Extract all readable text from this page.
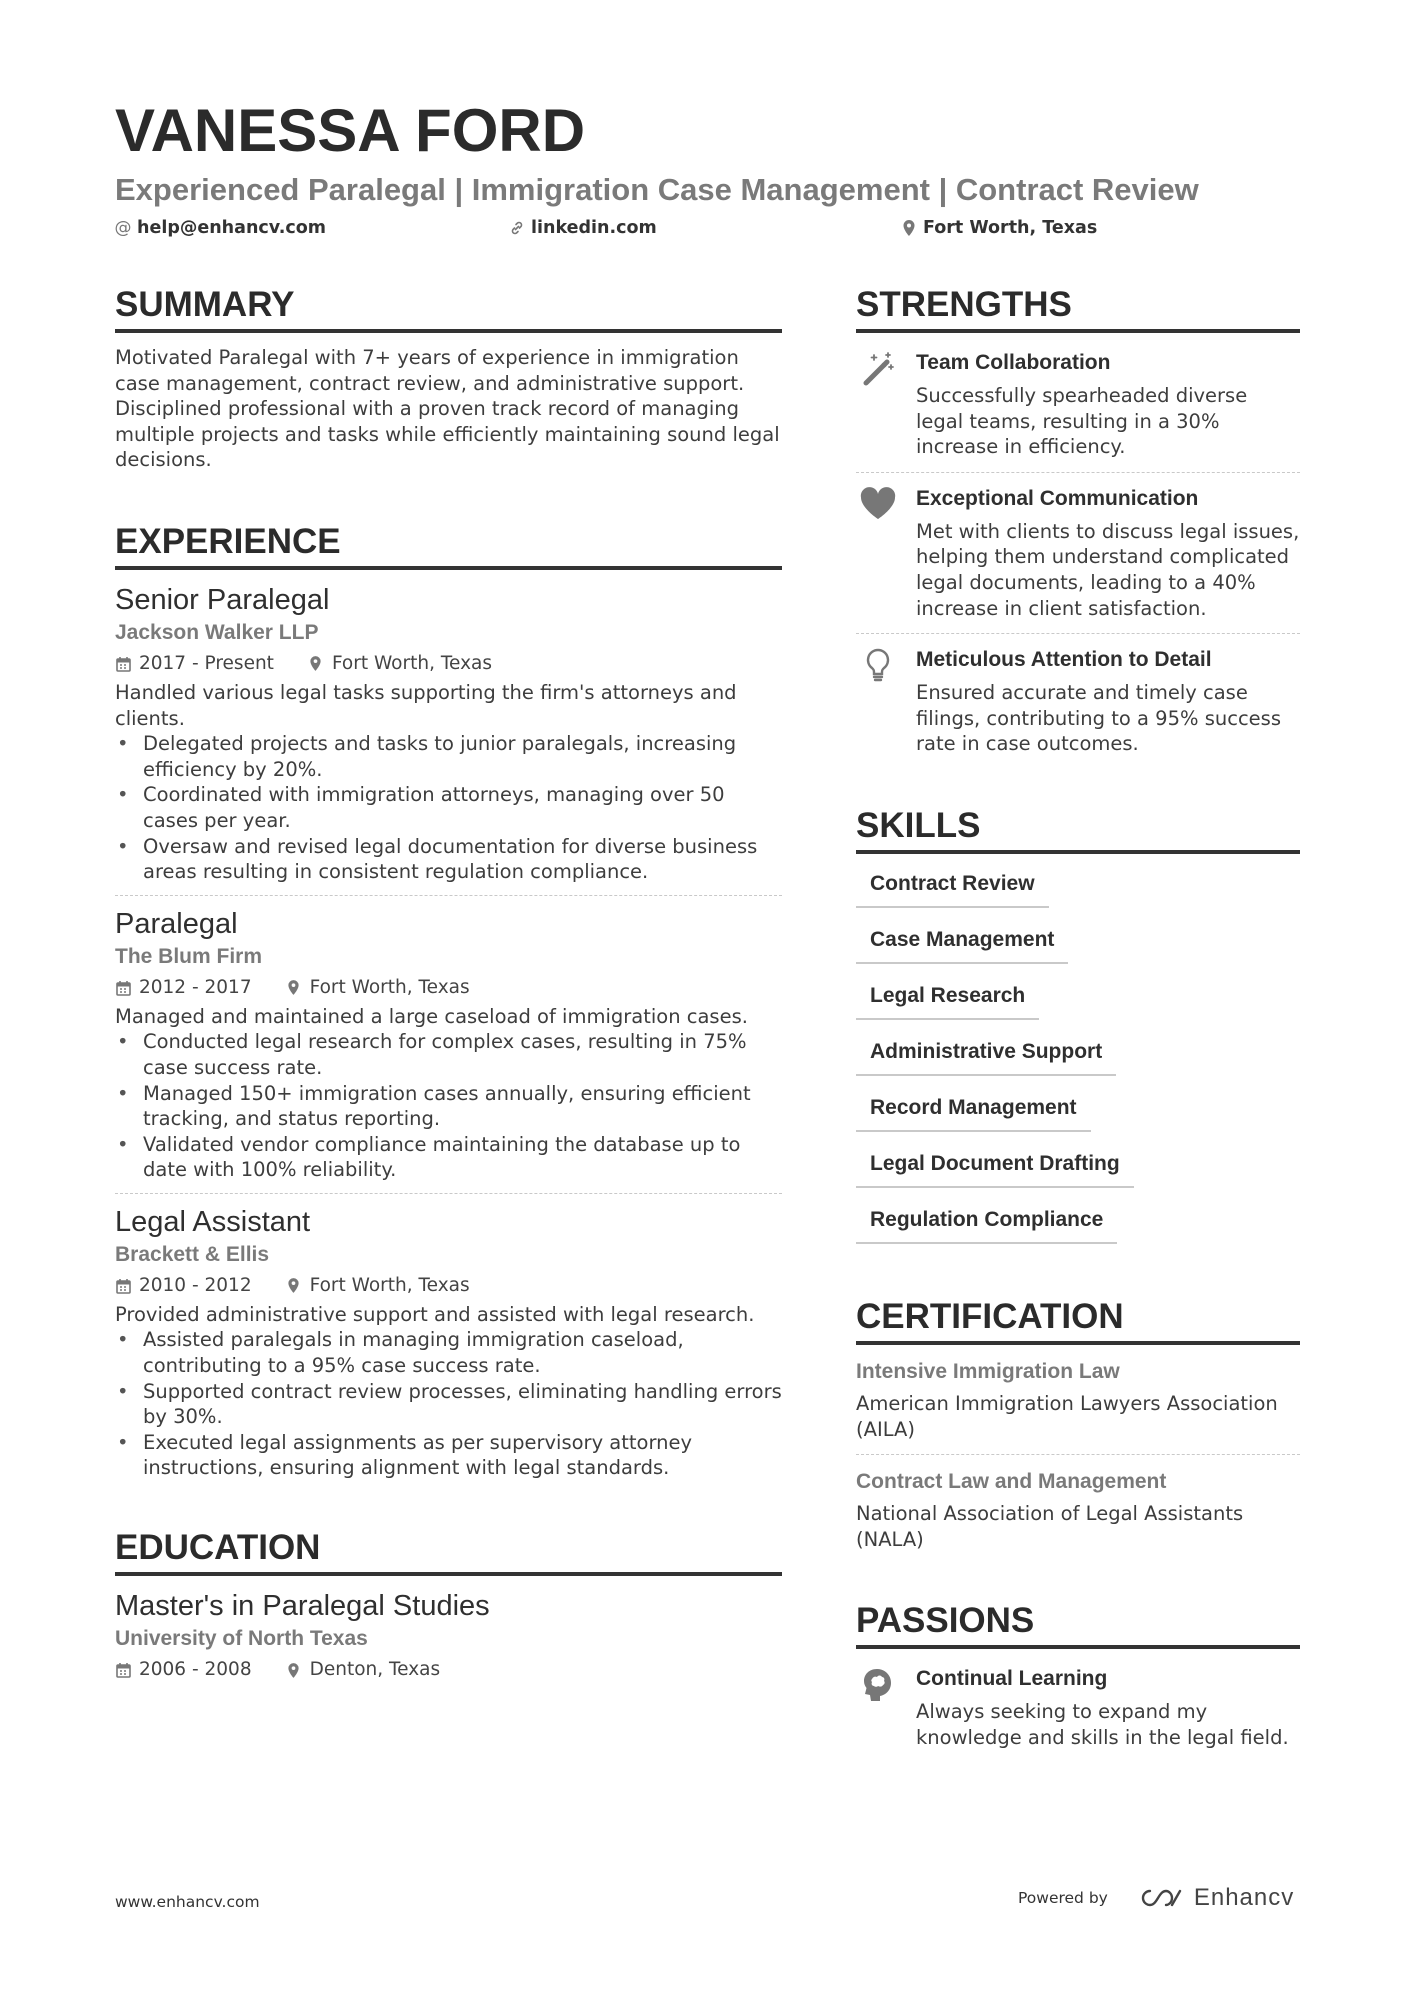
VANESSA FORD
Experienced Paralegal | Immigration Case Management | Contract Review
@ help@enhancv.com	linkedin.com	Fort Worth, Texas
SUMMARY
Motivated Paralegal with 7+ years of experience in immigration case management, contract review, and administrative support. Disciplined professional with a proven track record of managing multiple projects and tasks while efficiently maintaining sound legal decisions.
EXPERIENCE
Senior Paralegal
Jackson Walker LLP
2017 - Present	Fort Worth, Texas
Handled various legal tasks supporting the firm's attorneys and clients.
• Delegated projects and tasks to junior paralegals, increasing efficiency by 20%.
• Coordinated with immigration attorneys, managing over 50 cases per year.
• Oversaw and revised legal documentation for diverse business areas resulting in consistent regulation compliance.
Paralegal
The Blum Firm
2012 - 2017	Fort Worth, Texas
Managed and maintained a large caseload of immigration cases.
• Conducted legal research for complex cases, resulting in 75% case success rate.
• Managed 150+ immigration cases annually, ensuring efficient tracking, and status reporting.
• Validated vendor compliance maintaining the database up to date with 100% reliability.
Legal Assistant
Brackett & Ellis
2010 - 2012	Fort Worth, Texas
Provided administrative support and assisted with legal research.
• Assisted paralegals in managing immigration caseload, contributing to a 95% case success rate.
• Supported contract review processes, eliminating handling errors by 30%.
• Executed legal assignments as per supervisory attorney instructions, ensuring alignment with legal standards.
EDUCATION
Master's in Paralegal Studies
University of North Texas
2006 - 2008	Denton, Texas
STRENGTHS
Team Collaboration
Successfully spearheaded diverse legal teams, resulting in a 30% increase in efficiency.
Exceptional Communication
Met with clients to discuss legal issues, helping them understand complicated legal documents, leading to a 40% increase in client satisfaction.
Meticulous Attention to Detail
Ensured accurate and timely case filings, contributing to a 95% success rate in case outcomes.
SKILLS
Contract Review
Case Management
Legal Research
Administrative Support
Record Management
Legal Document Drafting
Regulation Compliance
CERTIFICATION
Intensive Immigration Law
American Immigration Lawyers Association (AILA)
Contract Law and Management
National Association of Legal Assistants (NALA)
PASSIONS
Continual Learning
Always seeking to expand my knowledge and skills in the legal field.
www.enhancv.com	Powered by	Enhancv
